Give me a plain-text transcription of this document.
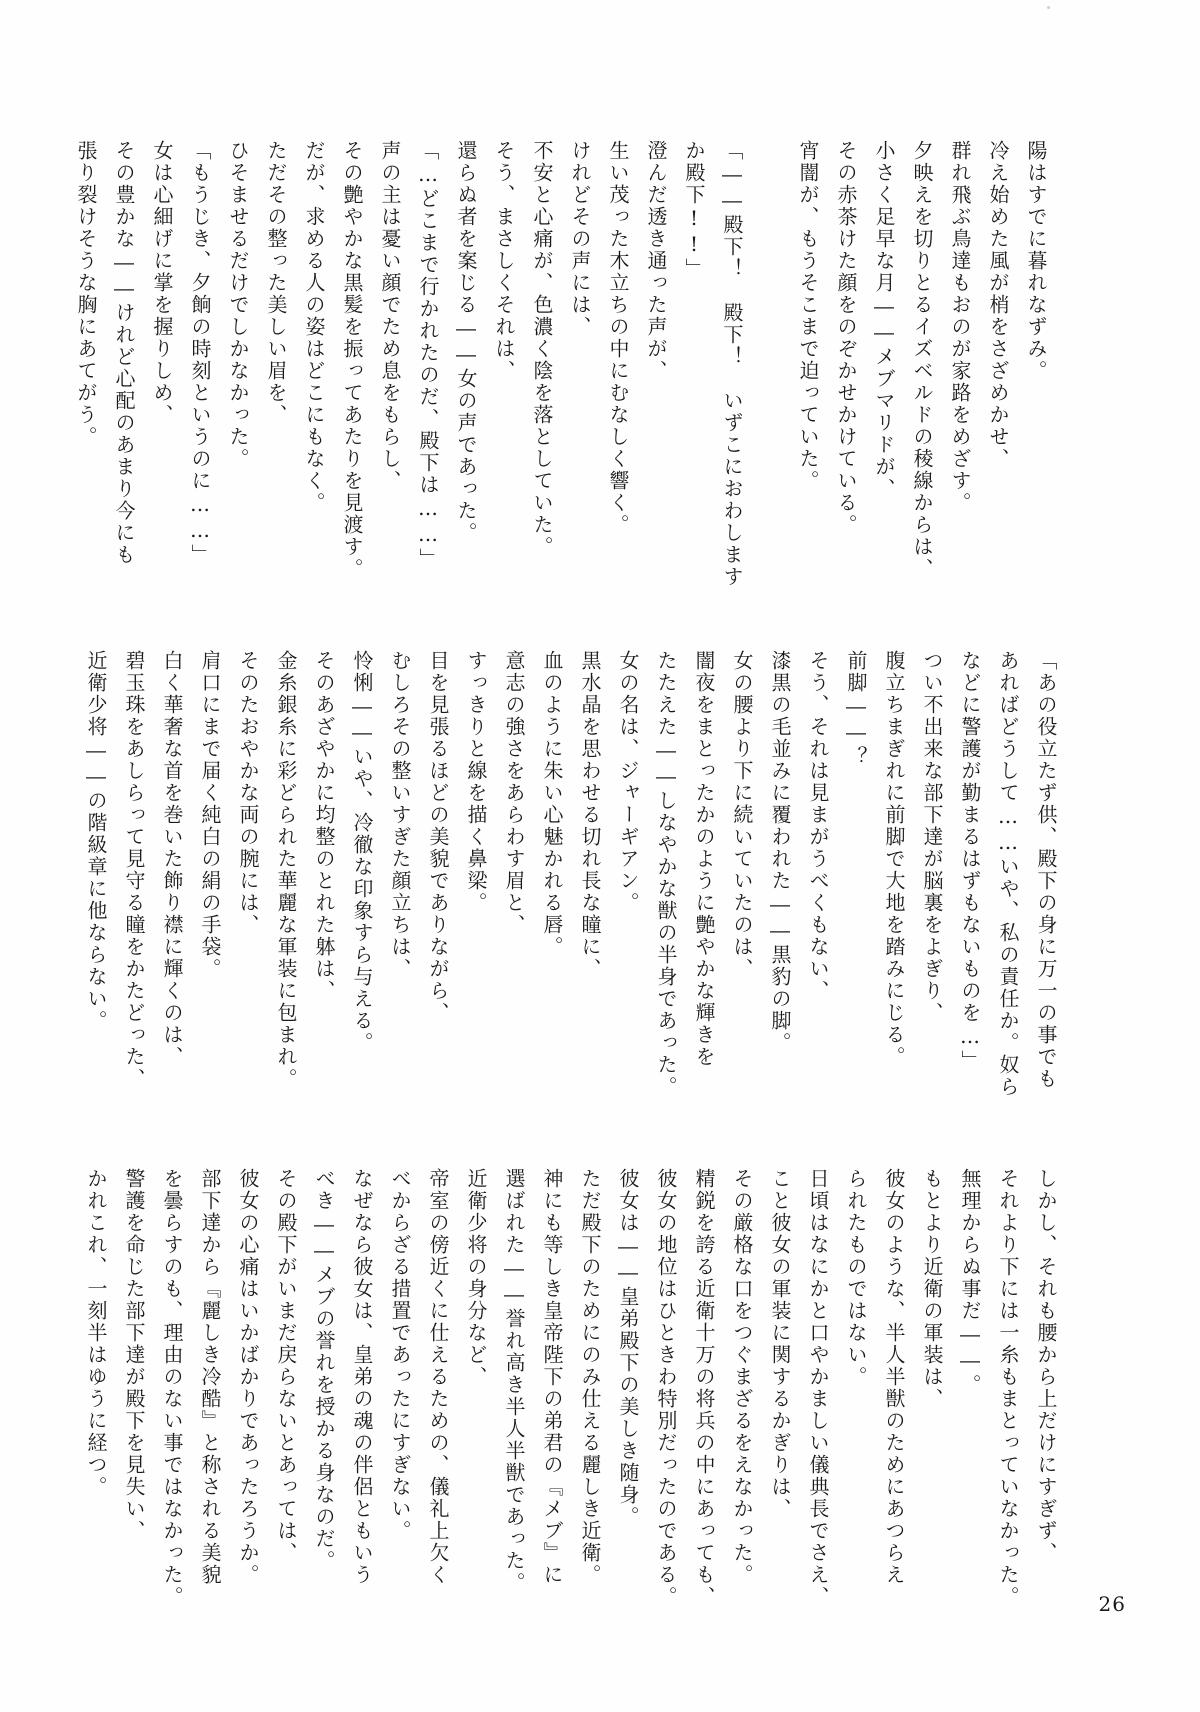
陽はすでに暮れなずみ。
冷え始めた風が梢をさざめかせ、
群れ飛ぶ鳥達もおのが家路をめざす。
夕映えを切りとるイズベルドの稜線からは、
小さく足早な月――メブマリドが、
その赤茶けた顔をのぞかせかけている。
宵闇が、もうそこまで迫っていた。
「――殿下！　殿下！　いずこにおわします
か殿下!!」
澄んだ透き通った声が、
生い茂った木立ちの中にむなしく響く。
けれどその声には、
不安と心痛が、色濃く陰を落としていた。
そう、まさしくそれは、
還らぬ者を案じる――女の声であった。
「…どこまで行かれたのだ、殿下は……」
声の主は憂い顔でため息をもらし、
その艶やかな黒髪を振ってあたりを見渡す。
だが、求める人の姿はどこにもなく。
ただその整った美しい眉を、
ひそませるだけでしかなかった。
「もうじき、夕餉の時刻というのに……」
女は心細げに掌を握りしめ、
その豊かな――けれど心配のあまり今にも
張り裂けそうな胸にあてがう。
「あの役立たず供、殿下の身に万一の事でも
あればどうして……いや、私の責任か。奴ら
などに警護が勤まるはずもないものを…」
つい不出来な部下達が脳裏をよぎり、
腹立ちまぎれに前脚で大地を踏みにじる。
前脚――？
そう、それは見まがうべくもない、
漆黒の毛並みに覆われた――黒豹の脚。
女の腰より下に続いていたのは、
闇夜をまとったかのように艶やかな輝きを
たたえた――しなやかな獣の半身であった。
女の名は、ジャーギアン。
黒水晶を思わせる切れ長な瞳に、
血のように朱い心魅かれる唇。
意志の強さをあらわす眉と、
すっきりと線を描く鼻梁。
目を見張るほどの美貌でありながら、
むしろその整いすぎた顔立ちは、
怜悧――いや、冷徹な印象すら与える。
そのあざやかに均整のとれた躰は、
金糸銀糸に彩どられた華麗な軍装に包まれ。
そのたおやかな両の腕には、
肩口にまで届く純白の絹の手袋。
白く華奢な首を巻いた飾り襟に輝くのは、
碧玉珠をあしらって見守る瞳をかたどった、
近衛少将――の階級章に他ならない。
しかし、それも腰から上だけにすぎず、
それより下には一糸もまとっていなかった。
無理からぬ事だ――。
もとより近衛の軍装は、
彼女のような、半人半獣のためにあつらえ
られたものではない。
日頃はなにかと口やかましい儀典長でさえ、
こと彼女の軍装に関するかぎりは、
その厳格な口をつぐまざるをえなかった。
精鋭を誇る近衛十万の将兵の中にあっても、
彼女の地位はひときわ特別だったのである。
彼女は――皇弟殿下の美しき随身。
ただ殿下のためにのみ仕える麗しき近衛。
神にも等しき皇帝陛下の弟君の『メブ』に
選ばれた――誉れ高き半人半獣であった。
近衛少将の身分など、
帝室の傍近くに仕えるための、儀礼上欠く
べからざる措置であったにすぎない。
なぜなら彼女は、皇弟の魂の伴侶ともいう
べき――メブの誉れを授かる身なのだ。
その殿下がいまだ戻らないとあっては、
彼女の心痛はいかばかりであったろうか。
部下達から『麗しき冷酷』と称される美貌
を曇らすのも、理由のない事ではなかった。
警護を命じた部下達が殿下を見失い、
かれこれ、一刻半はゆうに経つ。
26
